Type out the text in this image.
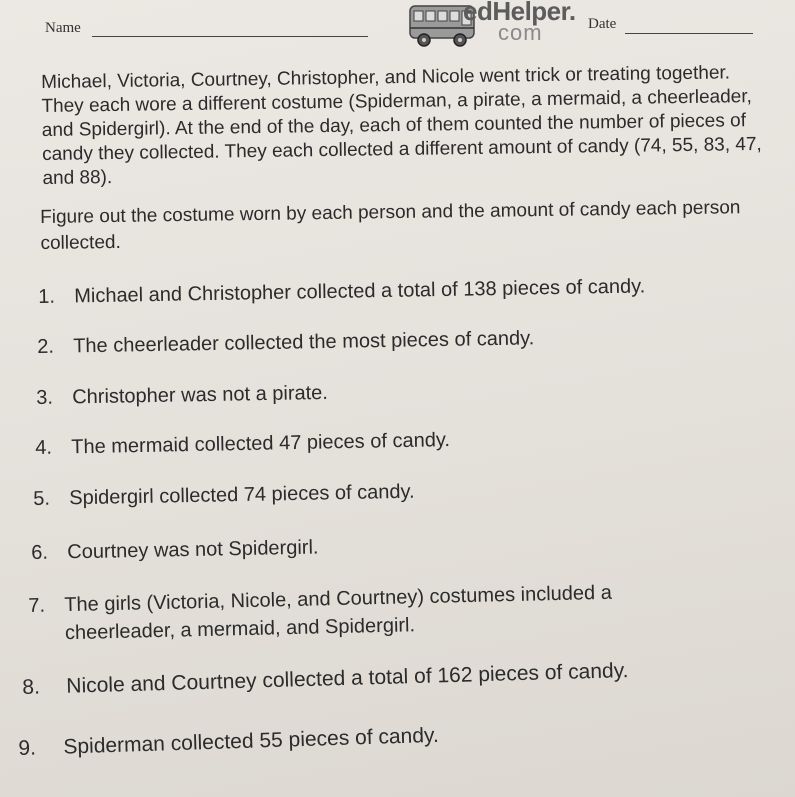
Name
edHelper.
com	Date

Michael, Victoria, Courtney, Christopher, and Nicole went trick or treating together. They each wore a different costume (Spiderman, a pirate, a mermaid, a cheerleader, and Spidergirl). At the end of the day, each of them counted the number of pieces of candy they collected. They each collected a different amount of candy (74, 55, 83, 47, and 88).

Figure out the costume worn by each person and the amount of candy each person collected.

1. Michael and Christopher collected a total of 138 pieces of candy.
2. The cheerleader collected the most pieces of candy.
3. Christopher was not a pirate.
4. The mermaid collected 47 pieces of candy.
5. Spidergirl collected 74 pieces of candy.
6. Courtney was not Spidergirl.
7. The girls (Victoria, Nicole, and Courtney) costumes included a cheerleader, a mermaid, and Spidergirl.
8. Nicole and Courtney collected a total of 162 pieces of candy.
9. Spiderman collected 55 pieces of candy.
